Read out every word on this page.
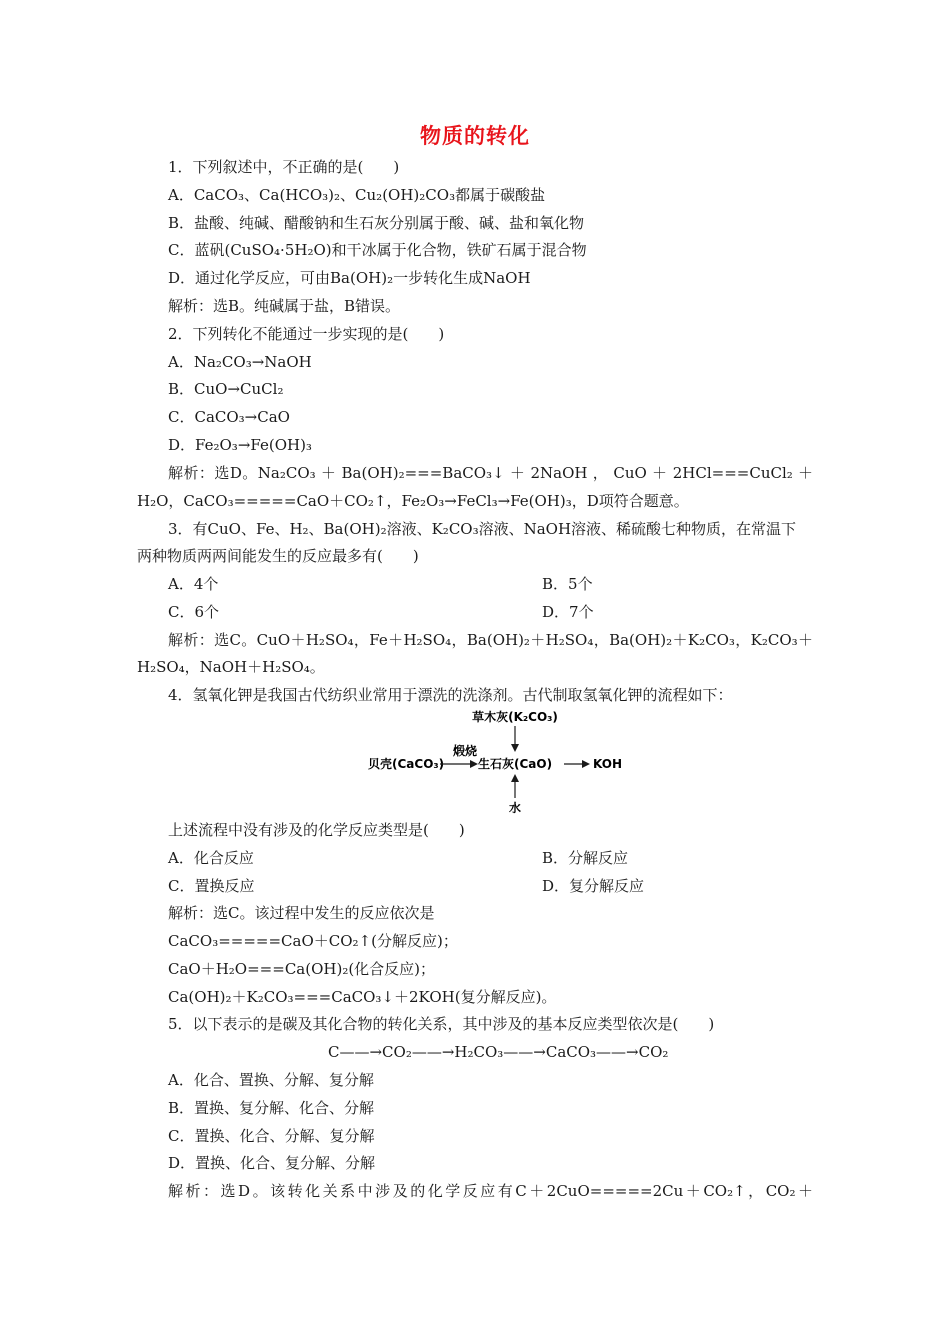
物质的转化
1．下列叙述中，不正确的是(　　)
A．CaCO₃、Ca(HCO₃)₂、Cu₂(OH)₂CO₃都属于碳酸盐
B．盐酸、纯碱、醋酸钠和生石灰分别属于酸、碱、盐和氧化物
C．蓝矾(CuSO₄·5H₂O)和干冰属于化合物，铁矿石属于混合物
D．通过化学反应，可由Ba(OH)₂一步转化生成NaOH
解析：选B。纯碱属于盐，B错误。
2．下列转化不能通过一步实现的是(　　)
A．Na₂CO₃→NaOH
B．CuO→CuCl₂
C．CaCO₃→CaO
D．Fe₂O₃→Fe(OH)₃
解析：选D。Na₂CO₃ ＋ Ba(OH)₂===BaCO₃↓ ＋ 2NaOH ， CuO ＋ 2HCl===CuCl₂ ＋
H₂O，CaCO₃=====CaO＋CO₂↑，Fe₂O₃→FeCl₃→Fe(OH)₃，D项符合题意。
3．有CuO、Fe、H₂、Ba(OH)₂溶液、K₂CO₃溶液、NaOH溶液、稀硫酸七种物质，在常温下
两种物质两两间能发生的反应最多有(　　)
A．4个	B．5个
C．6个	D．7个
解析：选C。CuO＋H₂SO₄，Fe＋H₂SO₄，Ba(OH)₂＋H₂SO₄，Ba(OH)₂＋K₂CO₃，K₂CO₃＋
H₂SO₄，NaOH＋H₂SO₄。
4．氢氧化钾是我国古代纺织业常用于漂洗的洗涤剂。古代制取氢氧化钾的流程如下：
草木灰(K₂CO₃)
贝壳(CaCO₃)
煅烧
生石灰(CaO)	KOH
水
上述流程中没有涉及的化学反应类型是(　　)
A．化合反应	B．分解反应
C．置换反应	D．复分解反应
解析：选C。该过程中发生的反应依次是
CaCO₃=====CaO＋CO₂↑(分解反应)；
CaO＋H₂O===Ca(OH)₂(化合反应)；
Ca(OH)₂＋K₂CO₃===CaCO₃↓＋2KOH(复分解反应)。
5．以下表示的是碳及其化合物的转化关系，其中涉及的基本反应类型依次是(　　)
C——→CO₂——→H₂CO₃——→CaCO₃——→CO₂
A．化合、置换、分解、复分解
B．置换、复分解、化合、分解
C．置换、化合、分解、复分解
D．置换、化合、复分解、分解
解析：选D。该转化关系中涉及的化学反应有C＋2CuO=====2Cu＋CO₂↑，CO₂＋
